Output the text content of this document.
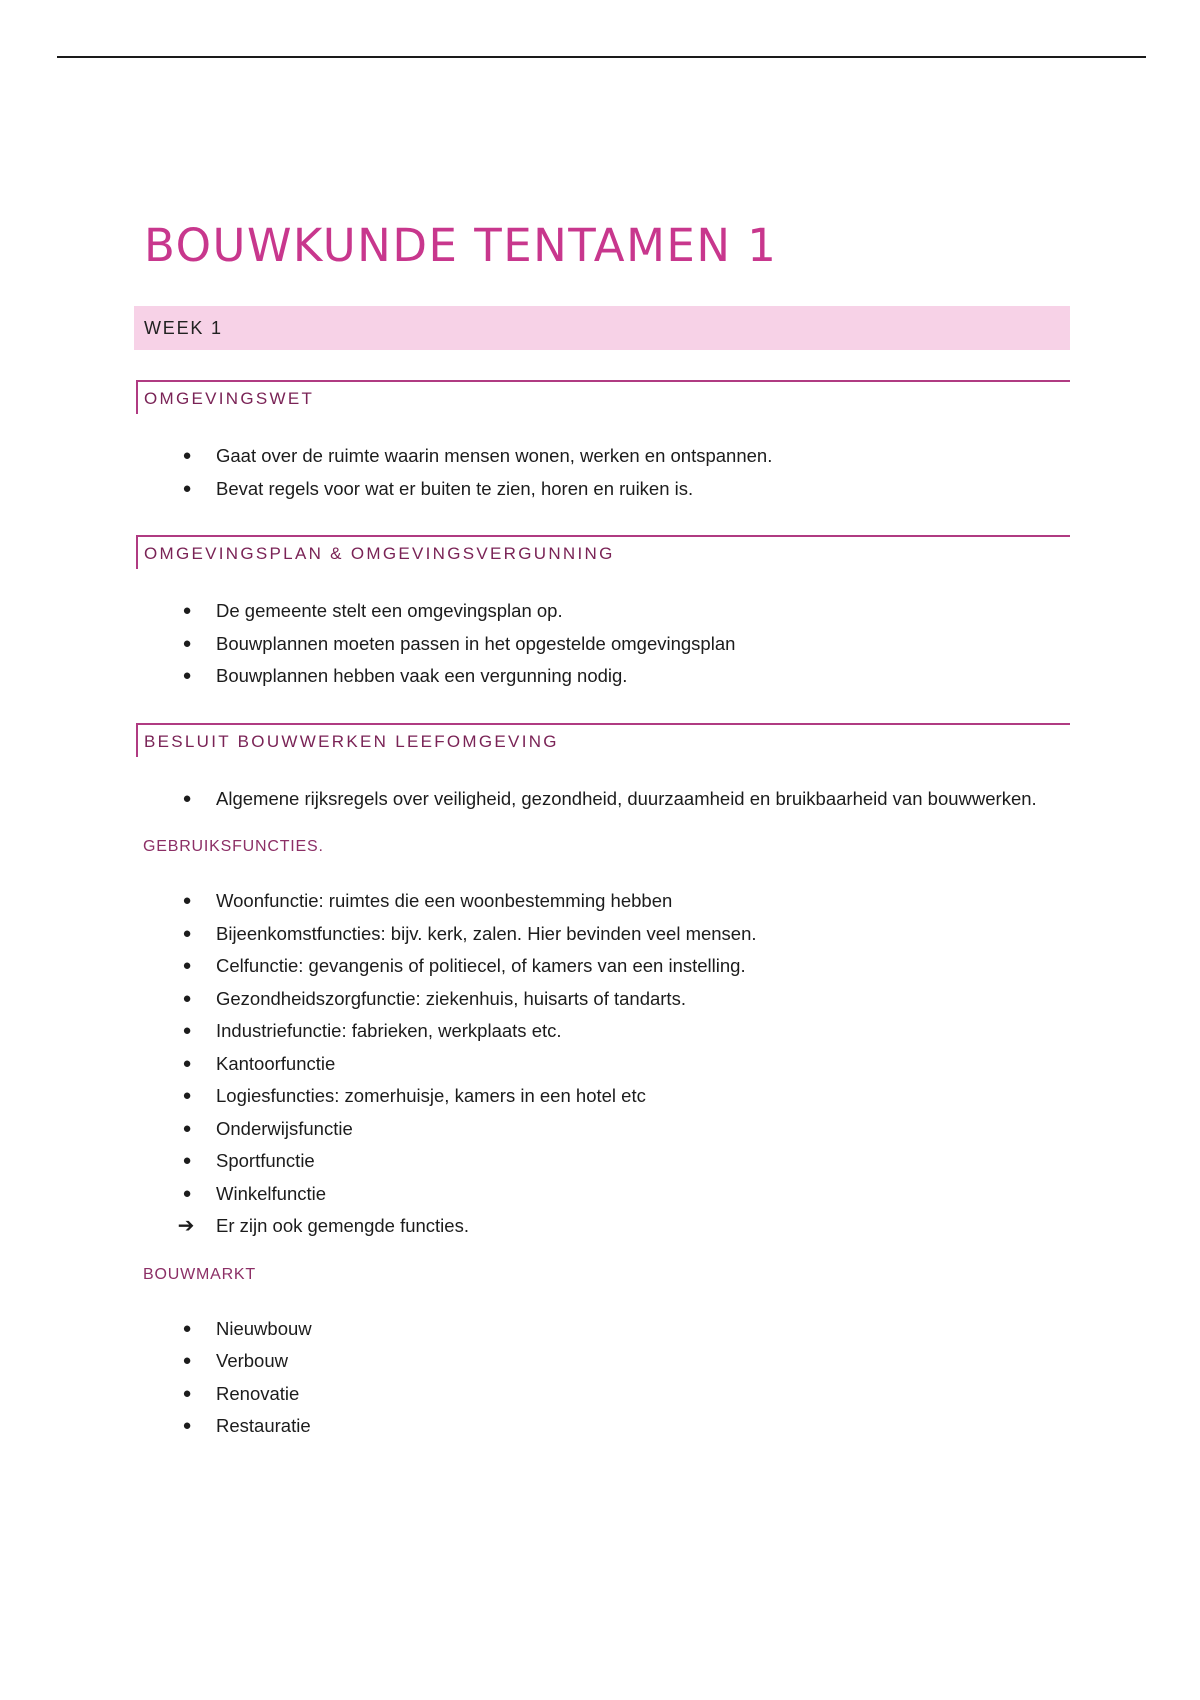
BOUWKUNDE TENTAMEN 1
WEEK 1
OMGEVINGSWET
● Gaat over de ruimte waarin mensen wonen, werken en ontspannen.
● Bevat regels voor wat er buiten te zien, horen en ruiken is.
OMGEVINGSPLAN & OMGEVINGSVERGUNNING
● De gemeente stelt een omgevingsplan op.
● Bouwplannen moeten passen in het opgestelde omgevingsplan
● Bouwplannen hebben vaak een vergunning nodig.
BESLUIT BOUWWERKEN LEEFOMGEVING
● Algemene rijksregels over veiligheid, gezondheid, duurzaamheid en bruikbaarheid van bouwwerken.
GEBRUIKSFUNCTIES.
● Woonfunctie: ruimtes die een woonbestemming hebben
● Bijeenkomstfuncties: bijv. kerk, zalen. Hier bevinden veel mensen.
● Celfunctie: gevangenis of politiecel, of kamers van een instelling.
● Gezondheidszorgfunctie: ziekenhuis, huisarts of tandarts.
● Industriefunctie: fabrieken, werkplaats etc.
● Kantoorfunctie
● Logiesfuncties: zomerhuisje, kamers in een hotel etc
● Onderwijsfunctie
● Sportfunctie
● Winkelfunctie
➔ Er zijn ook gemengde functies.
BOUWMARKT
● Nieuwbouw
● Verbouw
● Renovatie
● Restauratie
